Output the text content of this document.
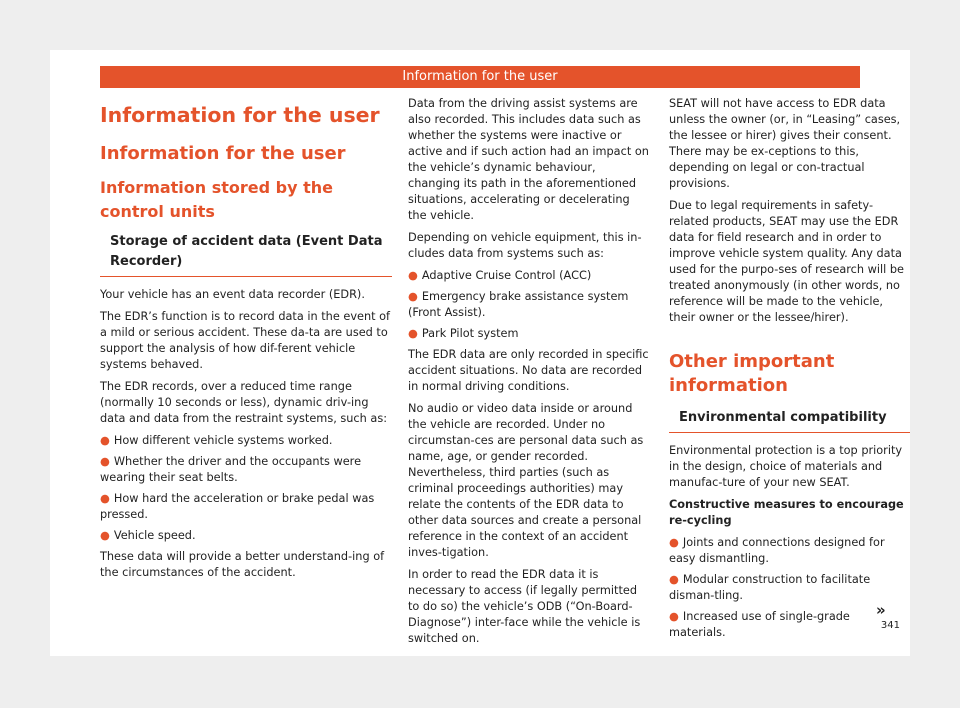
Information for the user
Information for the user
Information for the user
Information stored by the control units
Storage of accident data (Event Data Recorder)

Your vehicle has an event data recorder (EDR).

The EDR’s function is to record data in the event of a mild or serious accident. These da-ta are used to support the analysis of how dif-ferent vehicle systems behaved.

The EDR records, over a reduced time range (normally 10 seconds or less), dynamic driv-ing data and data from the restraint systems, such as:

● How different vehicle systems worked.
● Whether the driver and the occupants were wearing their seat belts.
● How hard the acceleration or brake pedal was pressed.
● Vehicle speed.

These data will provide a better understand-ing of the circumstances of the accident.

Data from the driving assist systems are also recorded. This includes data such as whether the systems were inactive or active and if such action had an impact on the vehicle’s dynamic behaviour, changing its path in the aforementioned situations, accelerating or decelerating the vehicle.

Depending on vehicle equipment, this in-cludes data from systems such as:

● Adaptive Cruise Control (ACC)
● Emergency brake assistance system (Front Assist).
● Park Pilot system

The EDR data are only recorded in specific accident situations. No data are recorded in normal driving conditions.

No audio or video data inside or around the vehicle are recorded. Under no circumstan-ces are personal data such as name, age, or gender recorded. Nevertheless, third parties (such as criminal proceedings authorities) may relate the contents of the EDR data to other data sources and create a personal reference in the context of an accident inves-tigation.

In order to read the EDR data it is necessary to access (if legally permitted to do so) the vehicle’s ODB (“On-Board-Diagnose”) inter-face while the vehicle is switched on.

SEAT will not have access to EDR data unless the owner (or, in “Leasing” cases, the lessee or hirer) gives their consent. There may be ex-ceptions to this, depending on legal or con-tractual provisions.

Due to legal requirements in safety-related products, SEAT may use the EDR data for field research and in order to improve vehicle system quality. Any data used for the purpo-ses of research will be treated anonymously (in other words, no reference will be made to the vehicle, their owner or the lessee/hirer).

Other important information
Environmental compatibility

Environmental protection is a top priority in the design, choice of materials and manufac-ture of your new SEAT.

Constructive measures to encourage re-cycling

● Joints and connections designed for easy dismantling.
● Modular construction to facilitate disman-tling.
● Increased use of single-grade materials.
»
341
